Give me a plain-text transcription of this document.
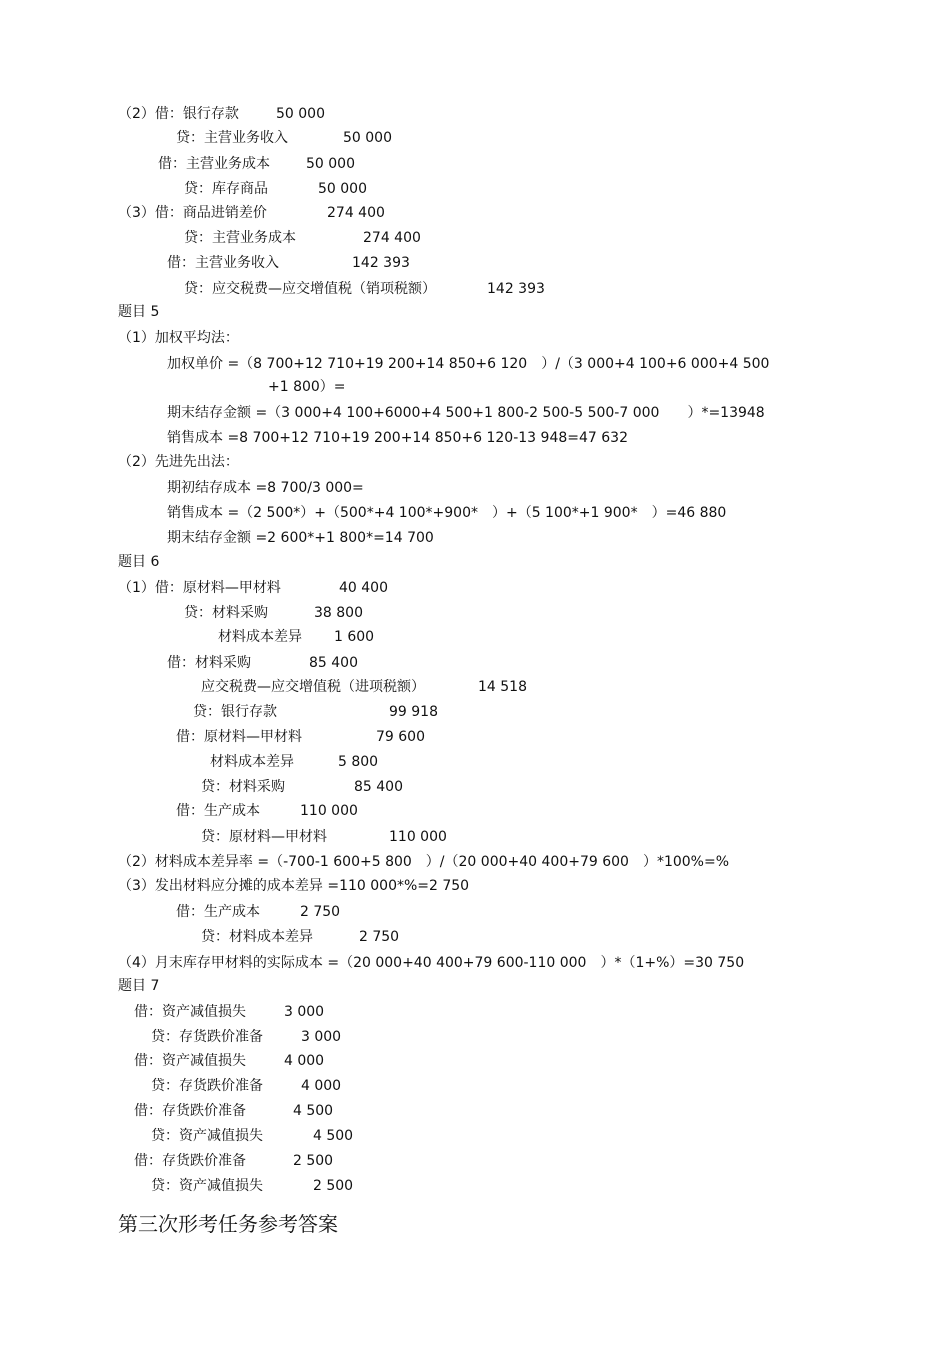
（2）借：银行存款	50 000
贷：主营业务收入	50 000
借：主营业务成本	50 000
贷：库存商品	50 000
（3）借：商品进销差价	274 400
贷：主营业务成本	274 400
借：主营业务收入	142 393
贷：应交税费—应交增值税（销项税额）	142 393
题目 5
（1）加权平均法：
加权单价 =（8 700+12 710+19 200+14 850+6 120　）/（3 000+4 100+6 000+4 500
+1 800）=
期末结存金额 =（3 000+4 100+6000+4 500+1 800-2 500-5 500-7 000　　）*=13948
销售成本 =8 700+12 710+19 200+14 850+6 120-13 948=47 632
（2）先进先出法：
期初结存成本 =8 700/3 000=
销售成本 =（2 500*）+（500*+4 100*+900*　）+（5 100*+1 900*　）=46 880
期末结存金额 =2 600*+1 800*=14 700
题目 6
（1）借：原材料—甲材料	40 400
贷：材料采购	38 800
材料成本差异 1 600
借：材料采购	85 400
应交税费—应交增值税（进项税额）	14 518
贷：银行存款	99 918
借：原材料—甲材料	79 600
材料成本差异	5 800
贷：材料采购	85 400
借：生产成本	110 000
贷：原材料—甲材料	110 000
（2）材料成本差异率 =（-700-1 600+5 800　）/（20 000+40 400+79 600　）*100%=%
（3）发出材料应分摊的成本差异 =110 000*%=2 750
借：生产成本	2 750
贷：材料成本差异	2 750
（4）月末库存甲材料的实际成本 =（20 000+40 400+79 600-110 000　）*（1+%）=30 750
题目 7
借：资产减值损失	3 000
贷：存货跌价准备	3 000
借：资产减值损失	4 000
贷：存货跌价准备	4 000
借：存货跌价准备	4 500
贷：资产减值损失	4 500
借：存货跌价准备	2 500
贷：资产减值损失	2 500
第三次形考任务参考答案
